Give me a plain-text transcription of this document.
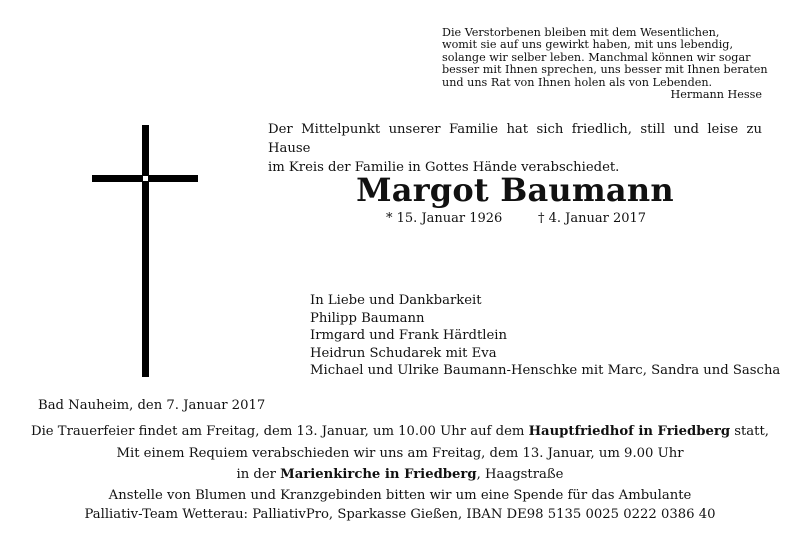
Die Verstorbenen bleiben mit dem Wesentlichen,
womit sie auf uns gewirkt haben, mit uns lebendig,
solange wir selber leben. Manchmal können wir sogar
besser mit Ihnen sprechen, uns besser mit Ihnen beraten
und uns Rat von Ihnen holen als von Lebenden.
Hermann Hesse
Der Mittelpunkt unserer Familie hat sich friedlich, still und leise zu Hause
im Kreis der Familie in Gottes Hände verabschiedet.
Margot Baumann
* 15. Januar 1926	† 4. Januar 2017
In Liebe und Dankbarkeit
Philipp Baumann
Irmgard und Frank Härdtlein
Heidrun Schudarek mit Eva
Michael und Ulrike Baumann-Henschke mit Marc, Sandra und Sascha
Bad Nauheim, den 7. Januar 2017
Die Trauerfeier findet am Freitag, dem 13. Januar, um 10.00 Uhr auf dem Hauptfriedhof in Friedberg statt,
Mit einem Requiem verabschieden wir uns am Freitag, dem 13. Januar, um 9.00 Uhr
in der Marienkirche in Friedberg, Haagstraße
Anstelle von Blumen und Kranzgebinden bitten wir um eine Spende für das Ambulante
Palliativ-Team Wetterau: PalliativPro, Sparkasse Gießen, IBAN DE98 5135 0025 0222 0386 40
